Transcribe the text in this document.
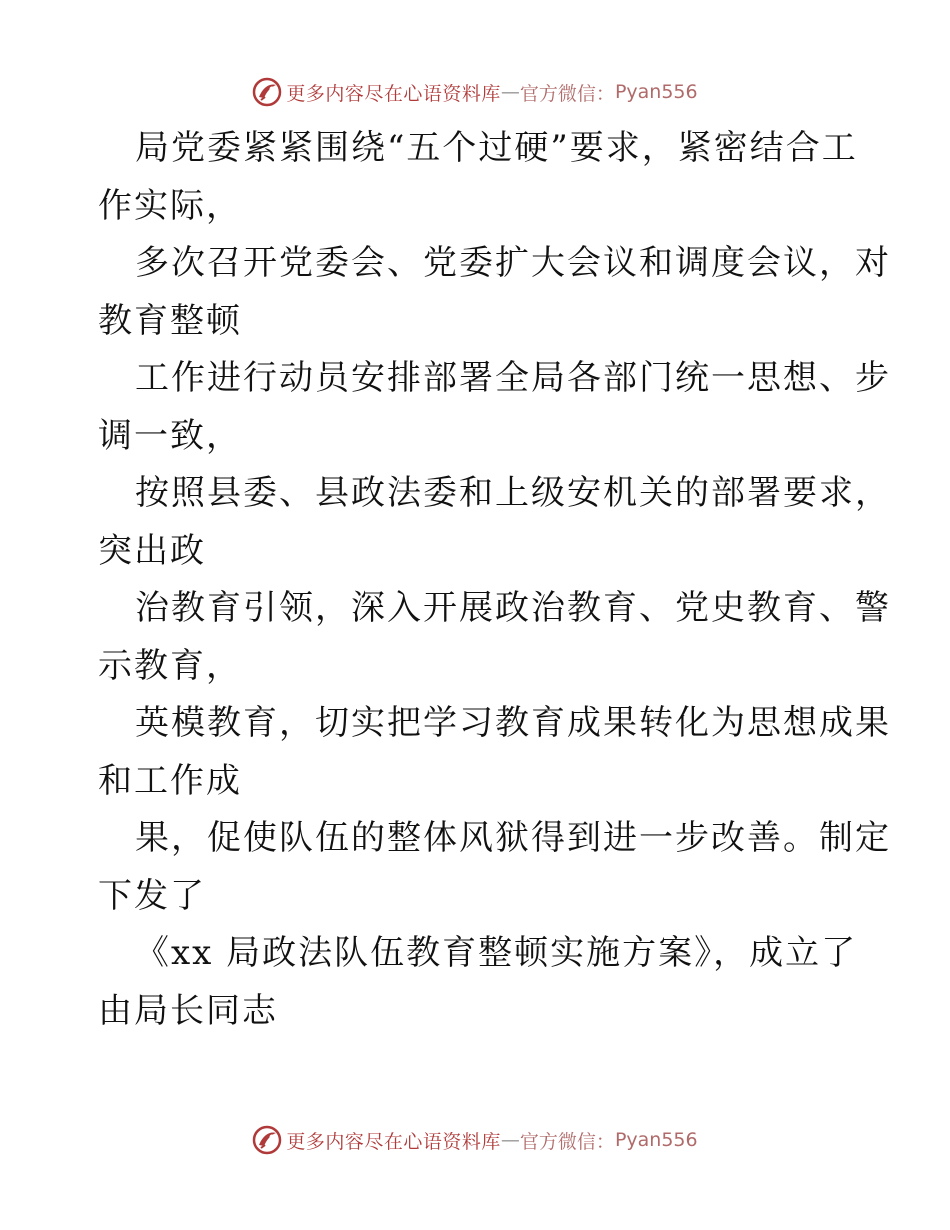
更多内容尽在心语资料库 — 官方微信： Pyan556

局党委紧紧围绕“五个过硬”要求，紧密结合工

作实际，

多次召开党委会、党委扩大会议和调度会议，对

教育整顿

工作进行动员安排部署全局各部门统一思想、步

调一致，

按照县委、县政法委和上级安机关的部署要求，

突出政

治教育引领，深入开展政治教育、党史教育、警

示教育，

英模教育，切实把学习教育成果转化为思想成果

和工作成

果，促使队伍的整体风狱得到进一步改善。制定

下发了

《xx 局政法队伍教育整顿实施方案》，成立了

由局长同志

更多内容尽在心语资料库 — 官方微信： Pyan556
